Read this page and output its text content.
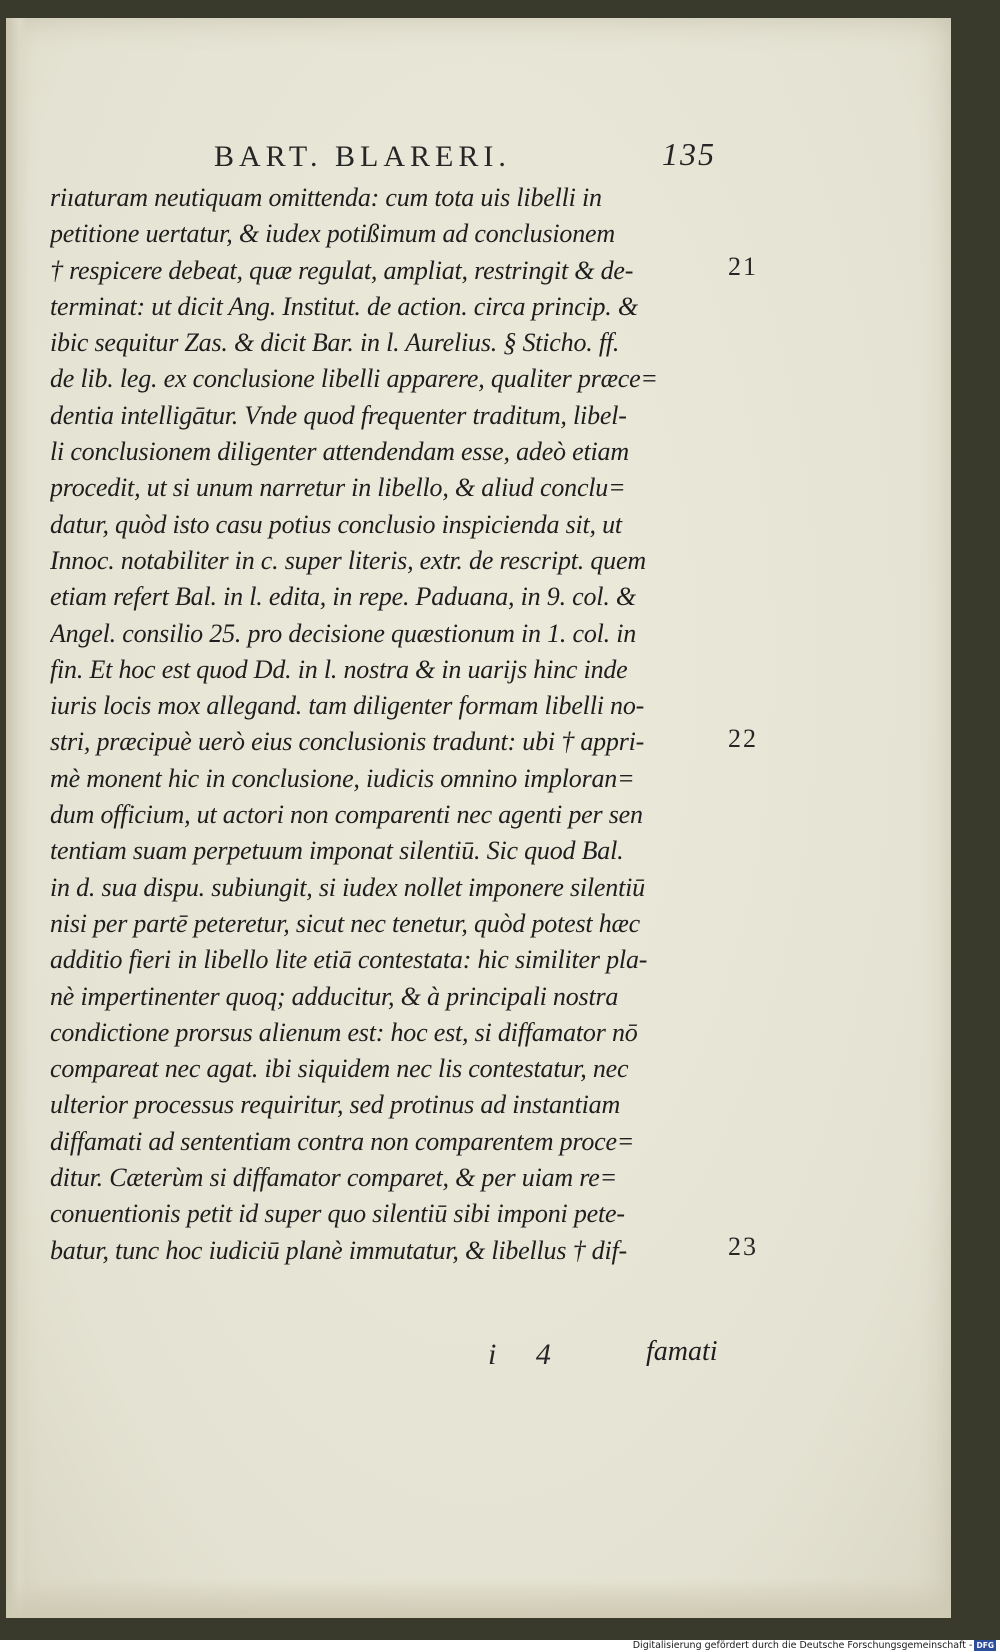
BART. BLARERI.	135
riıaturam neutiquam omittenda: cum tota uis libelli in
petitione uertatur, & iudex potißimum ad conclusionem
† respicere debeat, quæ regulat, ampliat, restringit & de-
terminat: ut dicit Ang. Institut. de action. circa princip. &
ibic sequitur Zas. & dicit Bar. in l. Aurelius. § Sticho. ff.
de lib. leg. ex conclusione libelli apparere, qualiter præce=
dentia intelligātur. Vnde quod frequenter traditum, libel-
li conclusionem diligenter attendendam esse, adeò etiam
procedit, ut si unum narretur in libello, & aliud conclu=
datur, quòd isto casu potius conclusio inspicienda sit, ut
Innoc. notabiliter in c. super literis, extr. de rescript. quem
etiam refert Bal. in l. edita, in repe. Paduana, in 9. col. &
Angel. consilio 25. pro decisione quæstionum in 1. col. in
fin. Et hoc est quod Dd. in l. nostra & in uarijs hinc inde
iuris locis mox allegand. tam diligenter formam libelli no-
stri, præcipuè uerò eius conclusionis tradunt: ubi † appri-
mè monent hic in conclusione, iudicis omnino imploran=
dum officium, ut actori non comparenti nec agenti per sen
tentiam suam perpetuum imponat silentiū. Sic quod Bal.
in d. sua dispu. subiungit, si iudex nollet imponere silentiū
nisi per partē peteretur, sicut nec tenetur, quòd potest hæc
additio fieri in libello lite etiā contestata: hic similiter pla-
nè impertinenter quoq; adducitur, & à principali nostra
condictione prorsus alienum est: hoc est, si diffamator nō
compareat nec agat. ibi siquidem nec lis contestatur, nec
ulterior processus requiritur, sed protinus ad instantiam
diffamati ad sententiam contra non comparentem proce=
ditur. Cæterùm si diffamator comparet, & per uiam re=
conuentionis petit id super quo silentiū sibi imponi pete-
batur, tunc hoc iudiciū planè immutatur, & libellus † dif-
21
22
23
i 4	famati
Digitalisierung gefördert durch die Deutsche Forschungsgemeinschaft - DFG
